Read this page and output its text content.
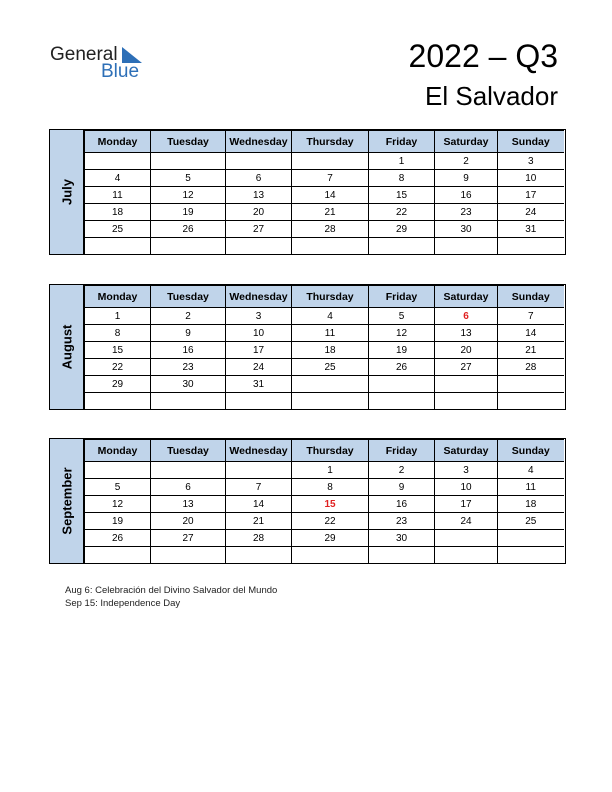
General
Blue	2022 – Q3
El Salvador
July
Monday	Tuesday	Wednesday	Thursday	Friday	Saturday	Sunday
				1	2	3
4	5	6	7	8	9	10
11	12	13	14	15	16	17
18	19	20	21	22	23	24
25	26	27	28	29	30	31

August
Monday	Tuesday	Wednesday	Thursday	Friday	Saturday	Sunday
1	2	3	4	5	6	7
8	9	10	11	12	13	14
15	16	17	18	19	20	21
22	23	24	25	26	27	28
29	30	31				

September
Monday	Tuesday	Wednesday	Thursday	Friday	Saturday	Sunday
			1	2	3	4
5	6	7	8	9	10	11
12	13	14	15	16	17	18
19	20	21	22	23	24	25
26	27	28	29	30		

Aug 6: Celebración del Divino Salvador del Mundo
Sep 15: Independence Day
